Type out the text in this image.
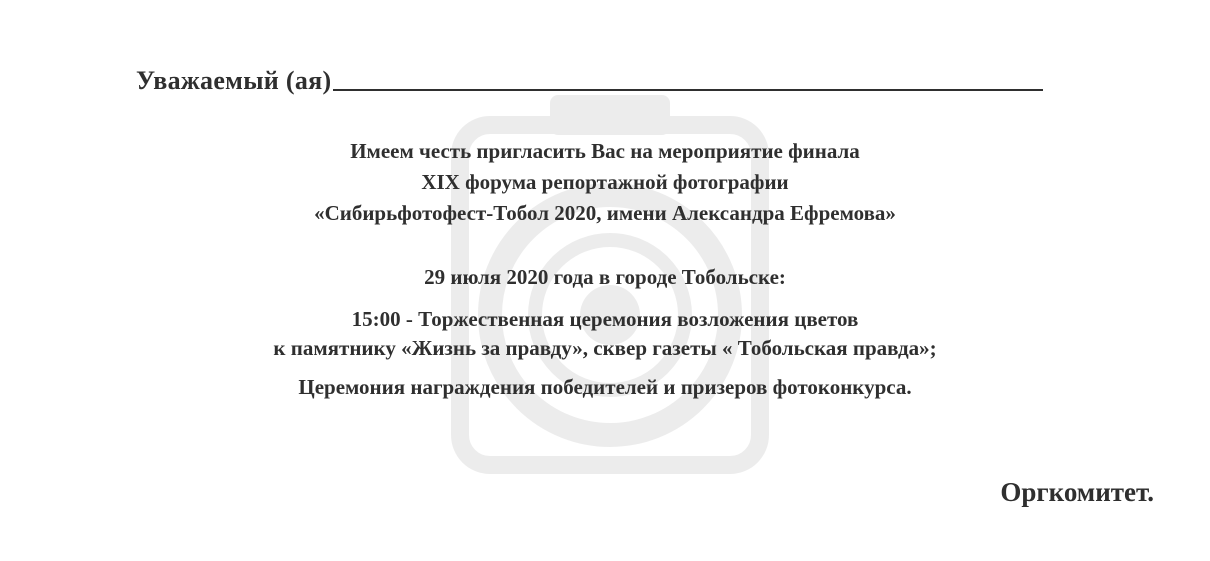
Уважаемый (ая)
Имеем честь пригласить Вас на мероприятие финала
XIX форума репортажной фотографии
«Сибирьфотофест-Тобол 2020, имени Александра Ефремова»
29 июля 2020 года в городе Тобольске:
15:00 - Торжественная церемония возложения цветов
к памятнику «Жизнь за правду», сквер газеты « Тобольская правда»;
Церемония награждения победителей и призеров фотоконкурса.
Оргкомитет.
